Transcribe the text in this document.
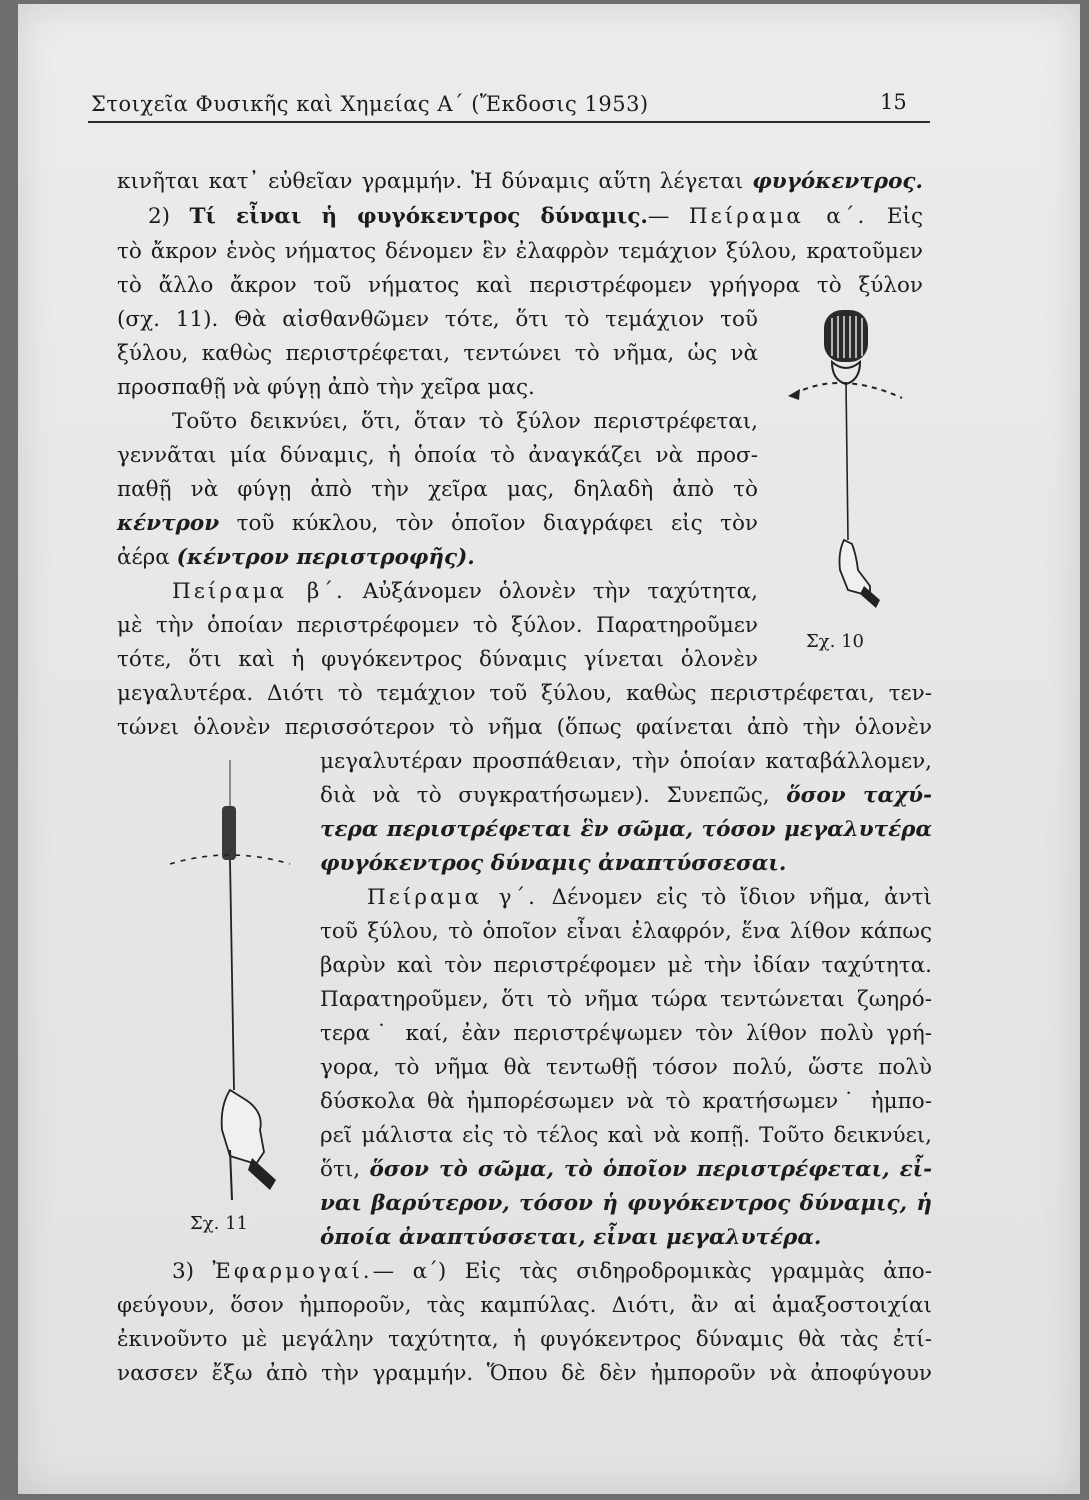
Στοιχεῖα Φυσικῆς καὶ Χημείας Α΄ (Ἔκδοσις 1953)	15
κινῆται κατ᾽ εὐθεῖαν γραμμήν. Ἡ δύναμις αὕτη λέγεται φυγόκεντρος.
2) Τί εἶναι ἡ φυγόκεντρος δύναμις.— Πείραμα α΄. Εἰς
τὸ ἄκρον ἑνὸς νήματος δένομεν ἓν ἐλαφρὸν τεμάχιον ξύλου, κρατοῦμεν
τὸ ἄλλο ἄκρον τοῦ νήματος καὶ περιστρέφομεν γρήγορα τὸ ξύλον
(σχ. 11). Θὰ αἰσθανθῶμεν τότε, ὅτι τὸ τεμάχιον τοῦ
ξύλου, καθὼς περιστρέφεται, τεντώνει τὸ νῆμα, ὡς νὰ
προσπαθῇ νὰ φύγῃ ἀπὸ τὴν χεῖρα μας.
Τοῦτο δεικνύει, ὅτι, ὅταν τὸ ξύλον περιστρέφεται,
γεννᾶται μία δύναμις, ἡ ὁποία τὸ ἀναγκάζει νὰ προσ-
παθῇ νὰ φύγῃ ἀπὸ τὴν χεῖρα μας, δηλαδὴ ἀπὸ τὸ
κέντρον τοῦ κύκλου, τὸν ὁποῖον διαγράφει εἰς τὸν
ἀέρα (κέντρον περιστροφῆς).
Πείραμα β΄. Αὐξάνομεν ὁλονὲν τὴν ταχύτητα,
μὲ τὴν ὁποίαν περιστρέφομεν τὸ ξύλον. Παρατηροῦμεν
τότε, ὅτι καὶ ἡ φυγόκεντρος δύναμις γίνεται ὁλονὲν
μεγαλυτέρα. Διότι τὸ τεμάχιον τοῦ ξύλου, καθὼς περιστρέφεται, τεν-
τώνει ὁλονὲν περισσότερον τὸ νῆμα (ὅπως φαίνεται ἀπὸ τὴν ὁλονὲν
μεγαλυτέραν προσπάθειαν, τὴν ὁποίαν καταβάλλομεν,
διὰ νὰ τὸ συγκρατήσωμεν). Συνεπῶς, ὅσον ταχύ-
τερα περιστρέφεται ἓν σῶμα, τόσον μεγαλυτέρα
φυγόκεντρος δύναμις ἀναπτύσσεσαι.
Πείραμα γ΄. Δένομεν εἰς τὸ ἴδιον νῆμα, ἀντὶ
τοῦ ξύλου, τὸ ὁποῖον εἶναι ἐλαφρόν, ἕνα λίθον κάπως
βαρὺν καὶ τὸν περιστρέφομεν μὲ τὴν ἰδίαν ταχύτητα.
Παρατηροῦμεν, ὅτι τὸ νῆμα τώρα τεντώνεται ζωηρό-
τερα˙ καί, ἐὰν περιστρέψωμεν τὸν λίθον πολὺ γρή-
γορα, τὸ νῆμα θὰ τεντωθῇ τόσον πολύ, ὥστε πολὺ
δύσκολα θὰ ἠμπορέσωμεν νὰ τὸ κρατήσωμεν˙ ἠμπο-
ρεῖ μάλιστα εἰς τὸ τέλος καὶ νὰ κοπῇ. Τοῦτο δεικνύει,
ὅτι, ὅσον τὸ σῶμα, τὸ ὁποῖον περιστρέφεται, εἶ-
ναι βαρύτερον, τόσον ἡ φυγόκεντρος δύναμις, ἡ
ὁποία ἀναπτύσσεται, εἶναι μεγαλυτέρα.
3) Ἐφαρμογαί.— α΄) Εἰς τὰς σιδηροδρομικὰς γραμμὰς ἀπο-
φεύγουν, ὅσον ἠμποροῦν, τὰς καμπύλας. Διότι, ἂν αἱ ἁμαξοστοιχίαι
ἐκινοῦντο μὲ μεγάλην ταχύτητα, ἡ φυγόκεντρος δύναμις θὰ τὰς ἐτί-
νασσεν ἔξω ἀπὸ τὴν γραμμήν. Ὅπου δὲ δὲν ἠμποροῦν νὰ ἀποφύγουν
Σχ. 10
Σχ. 11
